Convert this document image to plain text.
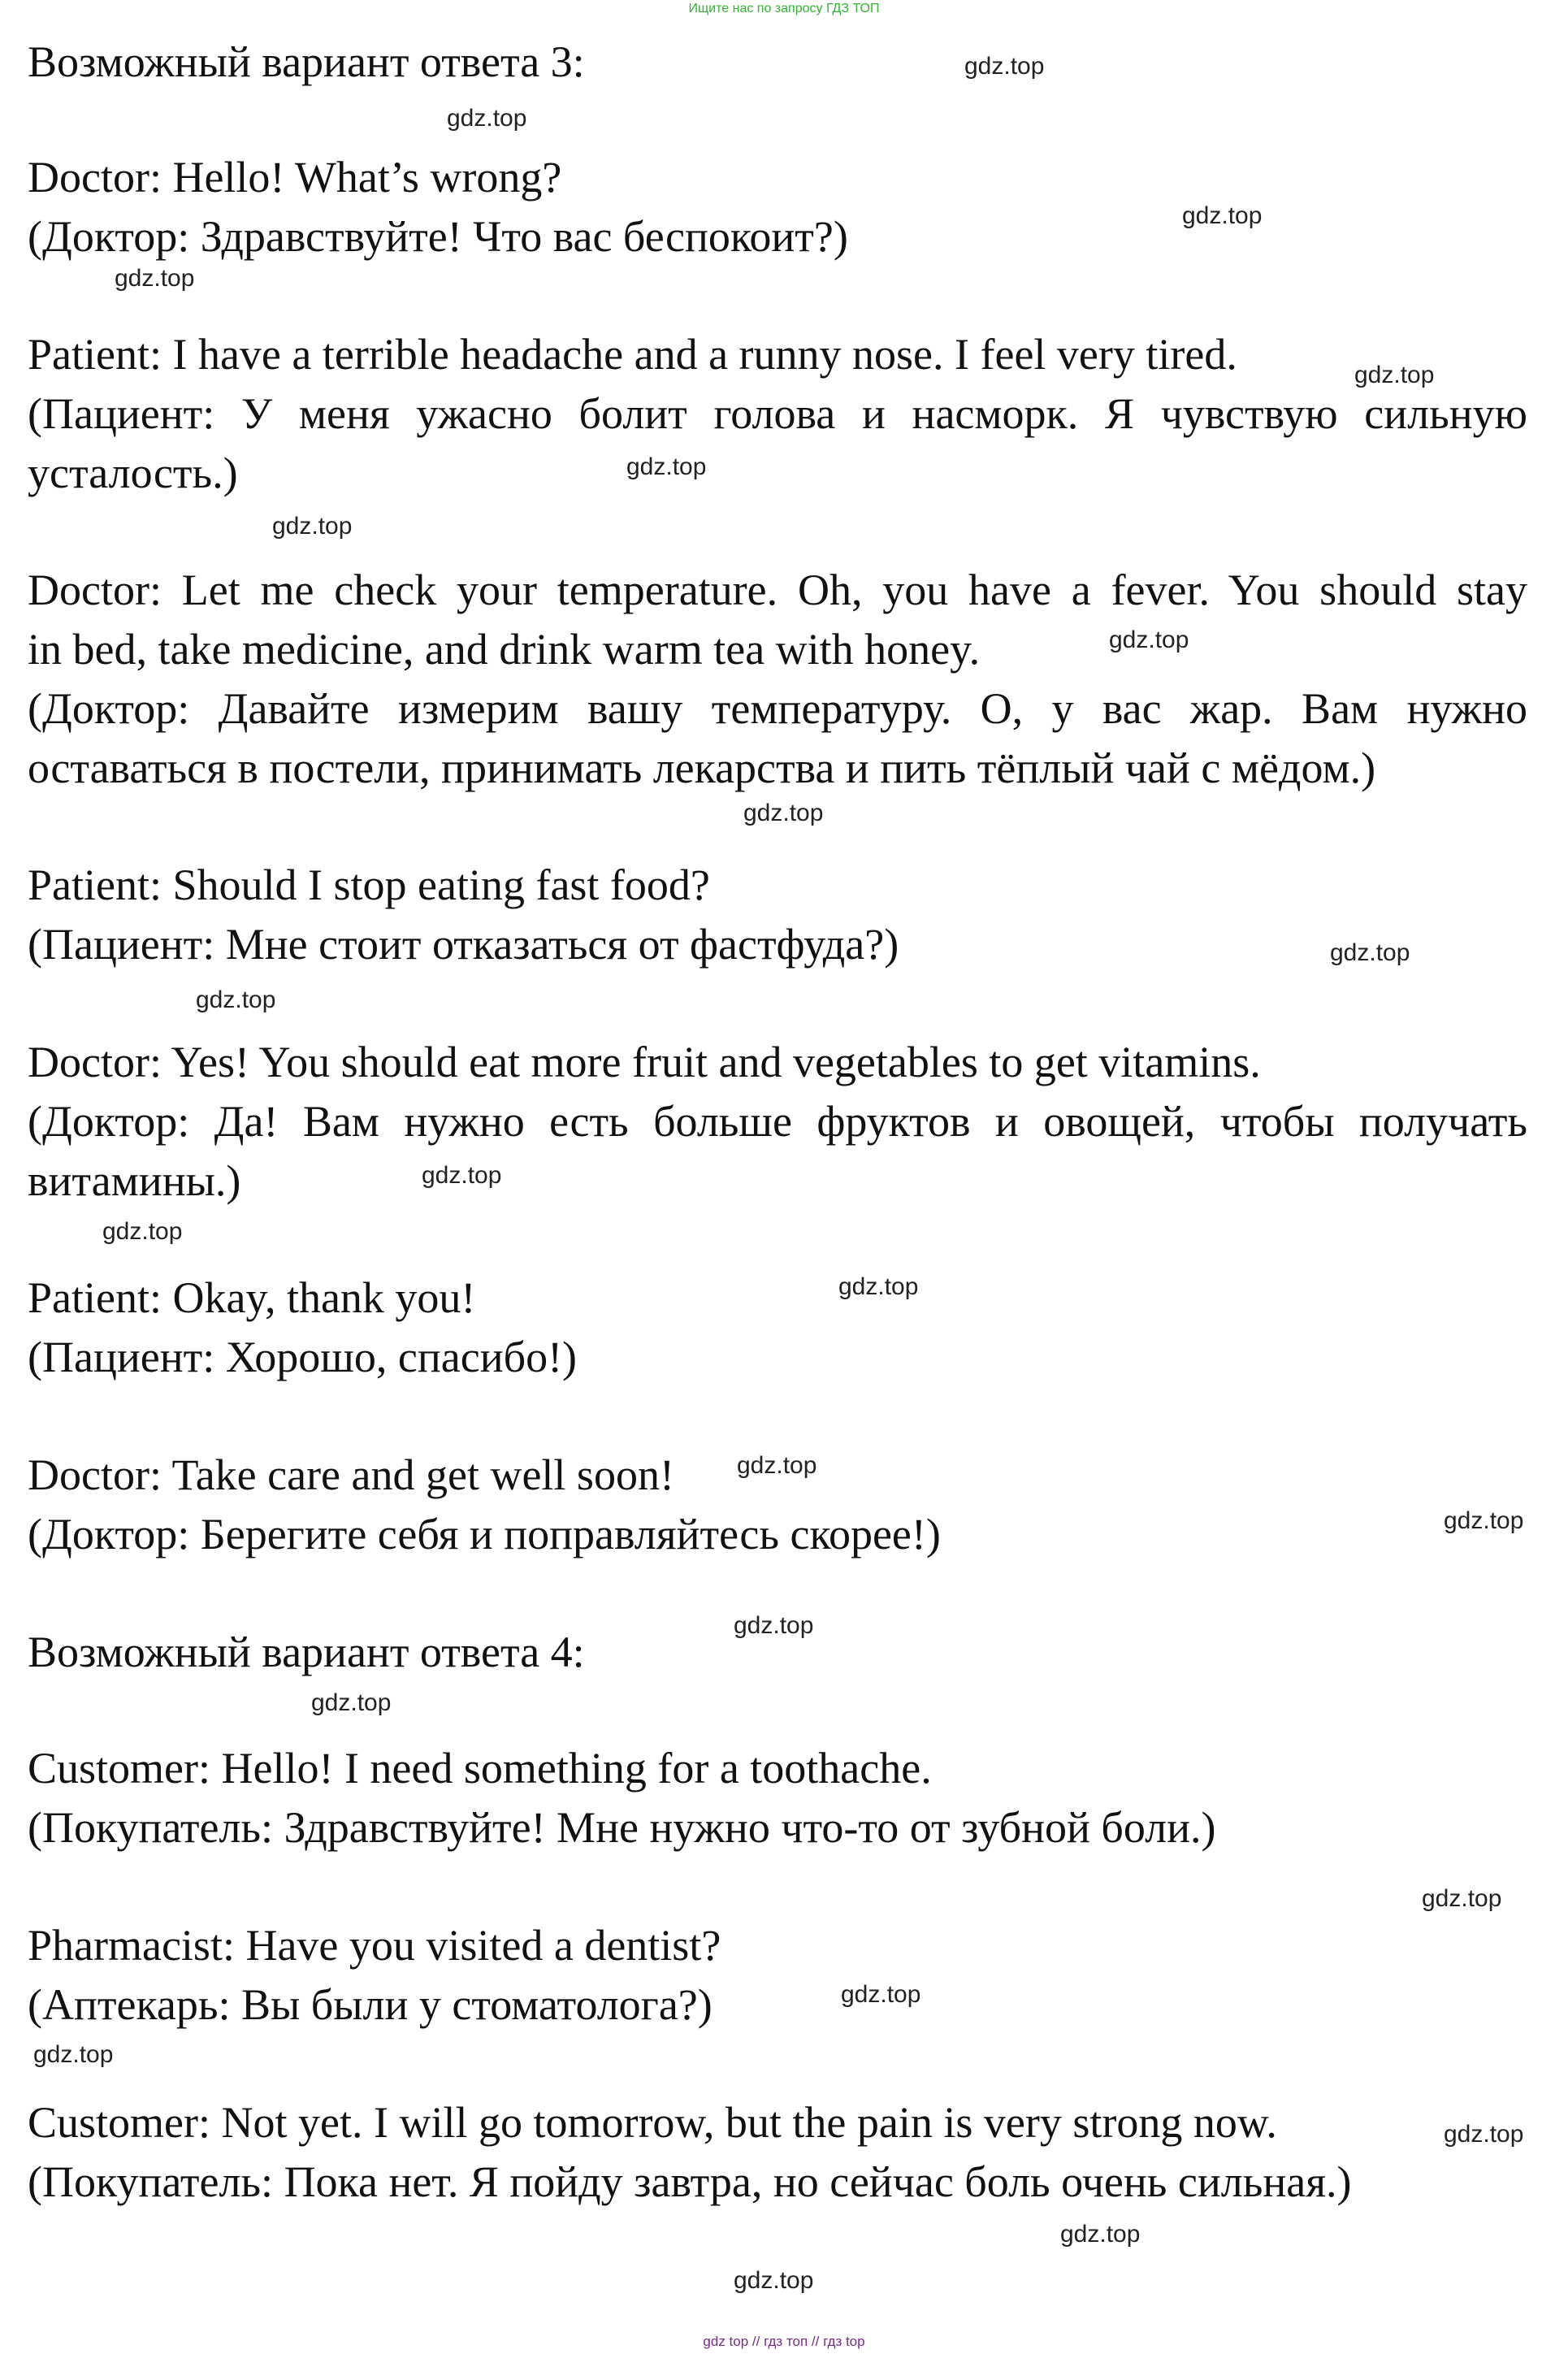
Ищите нас по запросу ГДЗ ТОП

Возможный вариант ответа 3:

Doctor: Hello! What’s wrong?

(Доктор: Здравствуйте! Что вас беспокоит?)

Patient: I have a terrible headache and a runny nose. I feel very tired.

(Пациент: У меня ужасно болит голова и насморк. Я чувствую сильную

усталость.)

Doctor: Let me check your temperature. Oh, you have a fever. You should stay

in bed, take medicine, and drink warm tea with honey.

(Доктор: Давайте измерим вашу температуру. О, у вас жар. Вам нужно

оставаться в постели, принимать лекарства и пить тёплый чай с мёдом.)

Patient: Should I stop eating fast food?

(Пациент: Мне стоит отказаться от фастфуда?)

Doctor: Yes! You should eat more fruit and vegetables to get vitamins.

(Доктор: Да! Вам нужно есть больше фруктов и овощей, чтобы получать

витамины.)

Patient: Okay, thank you!

(Пациент: Хорошо, спасибо!)

Doctor: Take care and get well soon!

(Доктор: Берегите себя и поправляйтесь скорее!)

Возможный вариант ответа 4:

Customer: Hello! I need something for a toothache.

(Покупатель: Здравствуйте! Мне нужно что-то от зубной боли.)

Pharmacist: Have you visited a dentist?

(Аптекарь: Вы были у стоматолога?)

Customer: Not yet. I will go tomorrow, but the pain is very strong now.

(Покупатель: Пока нет. Я пойду завтра, но сейчас боль очень сильная.)

gdz.top
gdz.top
gdz.top
gdz.top
gdz.top
gdz.top
gdz.top
gdz.top
gdz.top
gdz.top
gdz.top
gdz.top
gdz.top
gdz.top
gdz.top
gdz.top
gdz.top
gdz.top
gdz.top
gdz.top
gdz.top
gdz.top
gdz.top
gdz.top
gdz top // гдз топ // гдз top
